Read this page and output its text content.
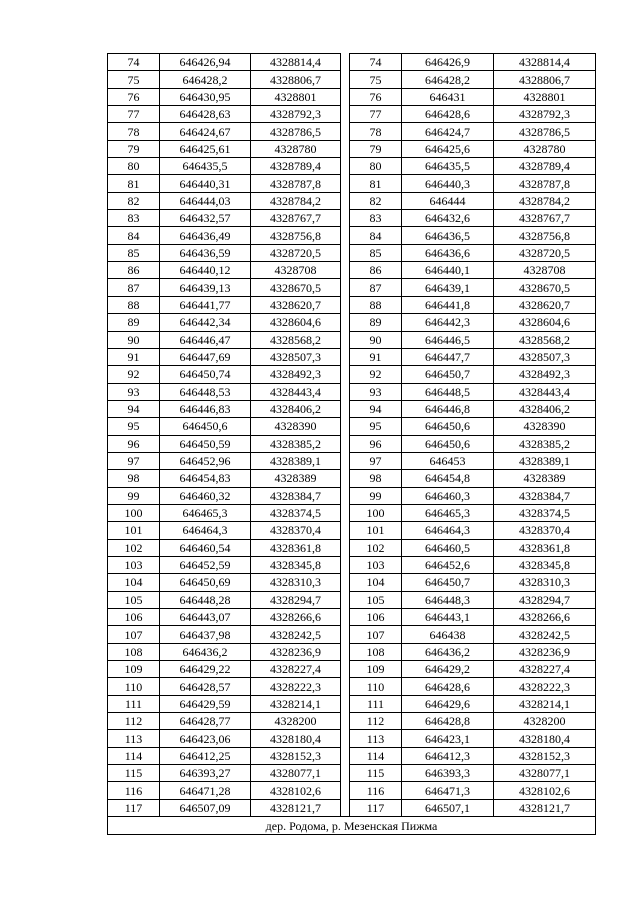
74	646426,94	4328814,4		74	646426,9	4328814,4
75	646428,2	4328806,7		75	646428,2	4328806,7
76	646430,95	4328801		76	646431	4328801
77	646428,63	4328792,3		77	646428,6	4328792,3
78	646424,67	4328786,5		78	646424,7	4328786,5
79	646425,61	4328780		79	646425,6	4328780
80	646435,5	4328789,4		80	646435,5	4328789,4
81	646440,31	4328787,8		81	646440,3	4328787,8
82	646444,03	4328784,2		82	646444	4328784,2
83	646432,57	4328767,7		83	646432,6	4328767,7
84	646436,49	4328756,8		84	646436,5	4328756,8
85	646436,59	4328720,5		85	646436,6	4328720,5
86	646440,12	4328708		86	646440,1	4328708
87	646439,13	4328670,5		87	646439,1	4328670,5
88	646441,77	4328620,7		88	646441,8	4328620,7
89	646442,34	4328604,6		89	646442,3	4328604,6
90	646446,47	4328568,2		90	646446,5	4328568,2
91	646447,69	4328507,3		91	646447,7	4328507,3
92	646450,74	4328492,3		92	646450,7	4328492,3
93	646448,53	4328443,4		93	646448,5	4328443,4
94	646446,83	4328406,2		94	646446,8	4328406,2
95	646450,6	4328390		95	646450,6	4328390
96	646450,59	4328385,2		96	646450,6	4328385,2
97	646452,96	4328389,1		97	646453	4328389,1
98	646454,83	4328389		98	646454,8	4328389
99	646460,32	4328384,7		99	646460,3	4328384,7
100	646465,3	4328374,5		100	646465,3	4328374,5
101	646464,3	4328370,4		101	646464,3	4328370,4
102	646460,54	4328361,8		102	646460,5	4328361,8
103	646452,59	4328345,8		103	646452,6	4328345,8
104	646450,69	4328310,3		104	646450,7	4328310,3
105	646448,28	4328294,7		105	646448,3	4328294,7
106	646443,07	4328266,6		106	646443,1	4328266,6
107	646437,98	4328242,5		107	646438	4328242,5
108	646436,2	4328236,9		108	646436,2	4328236,9
109	646429,22	4328227,4		109	646429,2	4328227,4
110	646428,57	4328222,3		110	646428,6	4328222,3
111	646429,59	4328214,1		111	646429,6	4328214,1
112	646428,77	4328200		112	646428,8	4328200
113	646423,06	4328180,4		113	646423,1	4328180,4
114	646412,25	4328152,3		114	646412,3	4328152,3
115	646393,27	4328077,1		115	646393,3	4328077,1
116	646471,28	4328102,6		116	646471,3	4328102,6
117	646507,09	4328121,7		117	646507,1	4328121,7
дер. Родома, р. Мезенская Пижма						
